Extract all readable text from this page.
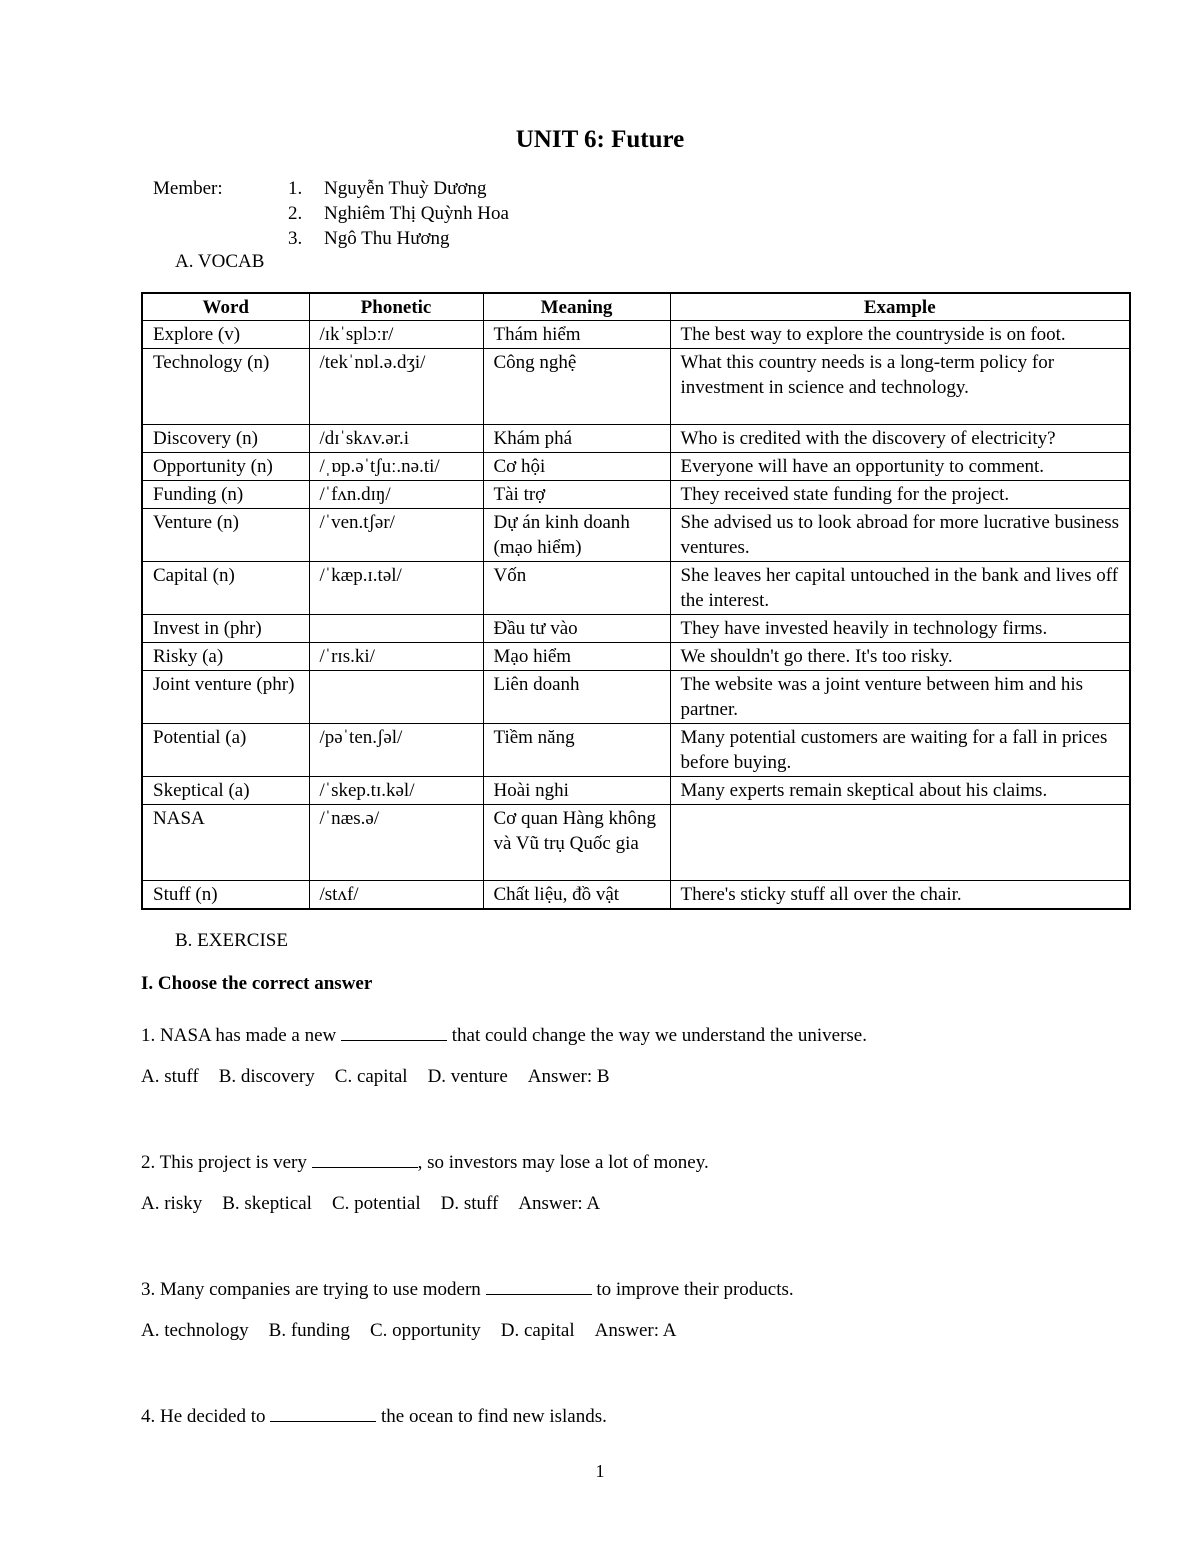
UNIT 6: Future
Member:	1. Nguyễn Thuỳ Dương
2. Nghiêm Thị Quỳnh Hoa
3. Ngô Thu Hương
A. VOCAB
Word	Phonetic	Meaning	Example
Explore (v)	/ɪkˈsplɔːr/	Thám hiểm	The best way to explore the countryside is on foot.
Technology (n)	/tekˈnɒl.ə.dʒi/	Công nghệ	What this country needs is a long-term policy for investment in science and technology.
Discovery (n)	/dɪˈskʌv.ər.i	Khám phá	Who is credited with the discovery of electricity?
Opportunity (n)	/ˌɒp.əˈtʃuː.nə.ti/	Cơ hội	Everyone will have an opportunity to comment.
Funding (n)	/ˈfʌn.dɪŋ/	Tài trợ	They received state funding for the project.
Venture (n)	/ˈven.tʃər/	Dự án kinh doanh (mạo hiểm)	She advised us to look abroad for more lucrative business ventures.
Capital (n)	/ˈkæp.ɪ.təl/	Vốn	She leaves her capital untouched in the bank and lives off the interest.
Invest in (phr)		Đầu tư vào	They have invested heavily in technology firms.
Risky (a)	/ˈrɪs.ki/	Mạo hiểm	We shouldn't go there. It's too risky.
Joint venture (phr)		Liên doanh	The website was a joint venture between him and his partner.
Potential (a)	/pəˈten.ʃəl/	Tiềm năng	Many potential customers are waiting for a fall in prices before buying.
Skeptical (a)	/ˈskep.tɪ.kəl/	Hoài nghi	Many experts remain skeptical about his claims.
NASA	/ˈnæs.ə/	Cơ quan Hàng không và Vũ trụ Quốc gia	
Stuff (n)	/stʌf/	Chất liệu, đồ vật	There's sticky stuff all over the chair.
B. EXERCISE
I. Choose the correct answer
1. NASA has made a new	that could change the way we understand the universe.
A. stuff B. discovery C. capital D. venture Answer: B
2. This project is very	, so investors may lose a lot of money.
A. risky B. skeptical C. potential D. stuff Answer: A
3. Many companies are trying to use modern	to improve their products.
A. technology B. funding C. opportunity D. capital Answer: A
4. He decided to	the ocean to find new islands.
1
